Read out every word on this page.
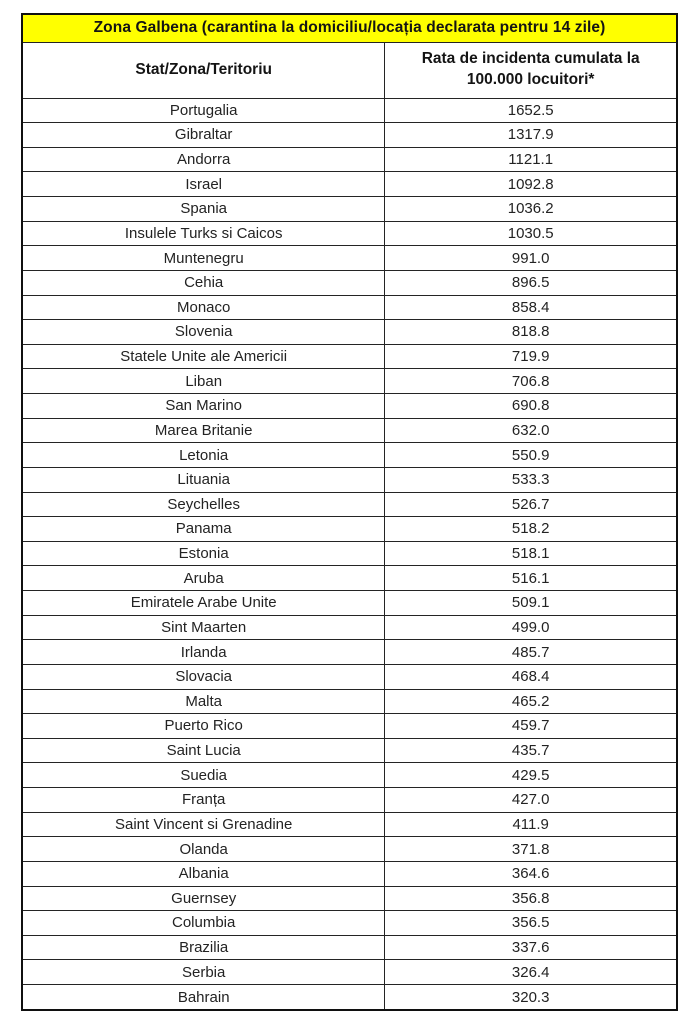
Zona Galbena (carantina la domiciliu/locația declarata pentru 14 zile)	
Stat/Zona/Teritoriu	Rata de incidenta cumulata la 100.000 locuitori*
Portugalia	1652.5
Gibraltar	1317.9
Andorra	1121.1
Israel	1092.8
Spania	1036.2
Insulele Turks si Caicos	1030.5
Muntenegru	991.0
Cehia	896.5
Monaco	858.4
Slovenia	818.8
Statele Unite ale Americii	719.9
Liban	706.8
San Marino	690.8
Marea Britanie	632.0
Letonia	550.9
Lituania	533.3
Seychelles	526.7
Panama	518.2
Estonia	518.1
Aruba	516.1
Emiratele Arabe Unite	509.1
Sint Maarten	499.0
Irlanda	485.7
Slovacia	468.4
Malta	465.2
Puerto Rico	459.7
Saint Lucia	435.7
Suedia	429.5
Franța	427.0
Saint Vincent si Grenadine	411.9
Olanda	371.8
Albania	364.6
Guernsey	356.8
Columbia	356.5
Brazilia	337.6
Serbia	326.4
Bahrain	320.3
